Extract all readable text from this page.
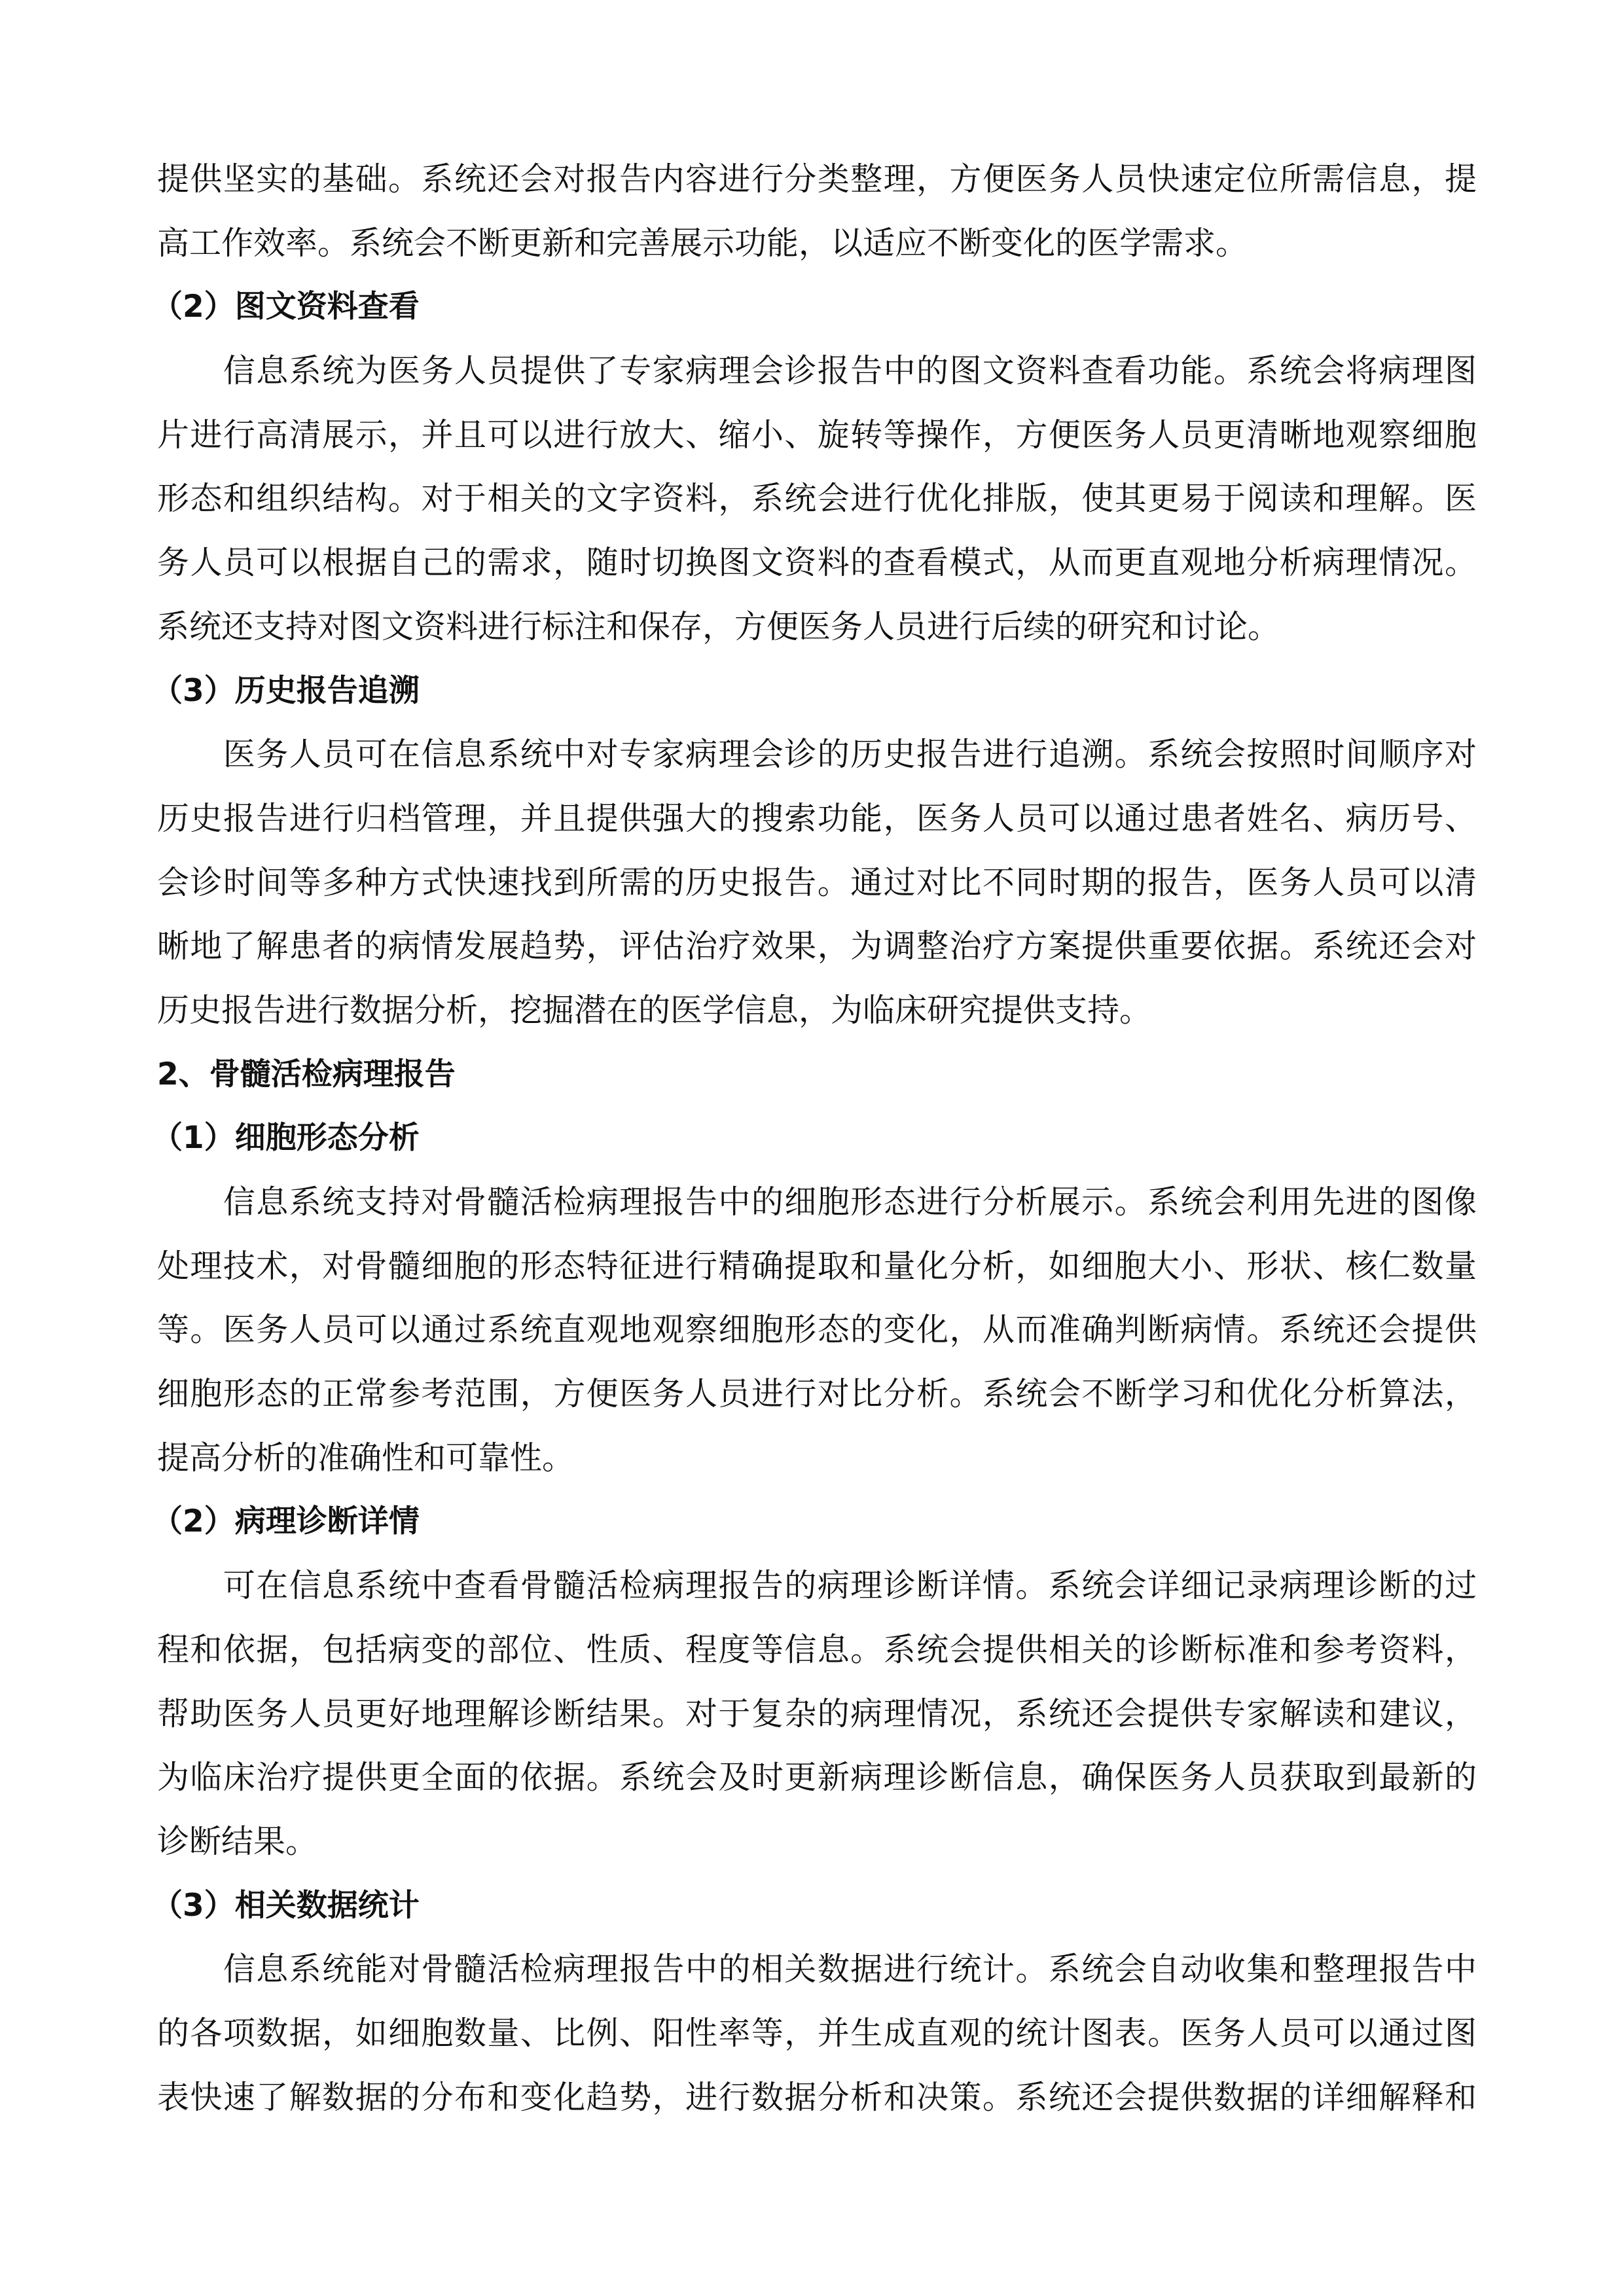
提供坚实的基础。系统还会对报告内容进行分类整理，方便医务人员快速定位所需信息，提
高工作效率。系统会不断更新和完善展示功能，以适应不断变化的医学需求。
（2）图文资料查看
　　信息系统为医务人员提供了专家病理会诊报告中的图文资料查看功能。系统会将病理图
片进行高清展示，并且可以进行放大、缩小、旋转等操作，方便医务人员更清晰地观察细胞
形态和组织结构。对于相关的文字资料，系统会进行优化排版，使其更易于阅读和理解。医
务人员可以根据自己的需求，随时切换图文资料的查看模式，从而更直观地分析病理情况。
系统还支持对图文资料进行标注和保存，方便医务人员进行后续的研究和讨论。
（3）历史报告追溯
　　医务人员可在信息系统中对专家病理会诊的历史报告进行追溯。系统会按照时间顺序对
历史报告进行归档管理，并且提供强大的搜索功能，医务人员可以通过患者姓名、病历号、
会诊时间等多种方式快速找到所需的历史报告。通过对比不同时期的报告，医务人员可以清
晰地了解患者的病情发展趋势，评估治疗效果，为调整治疗方案提供重要依据。系统还会对
历史报告进行数据分析，挖掘潜在的医学信息，为临床研究提供支持。
2、骨髓活检病理报告
（1）细胞形态分析
　　信息系统支持对骨髓活检病理报告中的细胞形态进行分析展示。系统会利用先进的图像
处理技术，对骨髓细胞的形态特征进行精确提取和量化分析，如细胞大小、形状、核仁数量
等。医务人员可以通过系统直观地观察细胞形态的变化，从而准确判断病情。系统还会提供
细胞形态的正常参考范围，方便医务人员进行对比分析。系统会不断学习和优化分析算法，
提高分析的准确性和可靠性。
（2）病理诊断详情
　　可在信息系统中查看骨髓活检病理报告的病理诊断详情。系统会详细记录病理诊断的过
程和依据，包括病变的部位、性质、程度等信息。系统会提供相关的诊断标准和参考资料，
帮助医务人员更好地理解诊断结果。对于复杂的病理情况，系统还会提供专家解读和建议，
为临床治疗提供更全面的依据。系统会及时更新病理诊断信息，确保医务人员获取到最新的
诊断结果。
（3）相关数据统计
　　信息系统能对骨髓活检病理报告中的相关数据进行统计。系统会自动收集和整理报告中
的各项数据，如细胞数量、比例、阳性率等，并生成直观的统计图表。医务人员可以通过图
表快速了解数据的分布和变化趋势，进行数据分析和决策。系统还会提供数据的详细解释和
